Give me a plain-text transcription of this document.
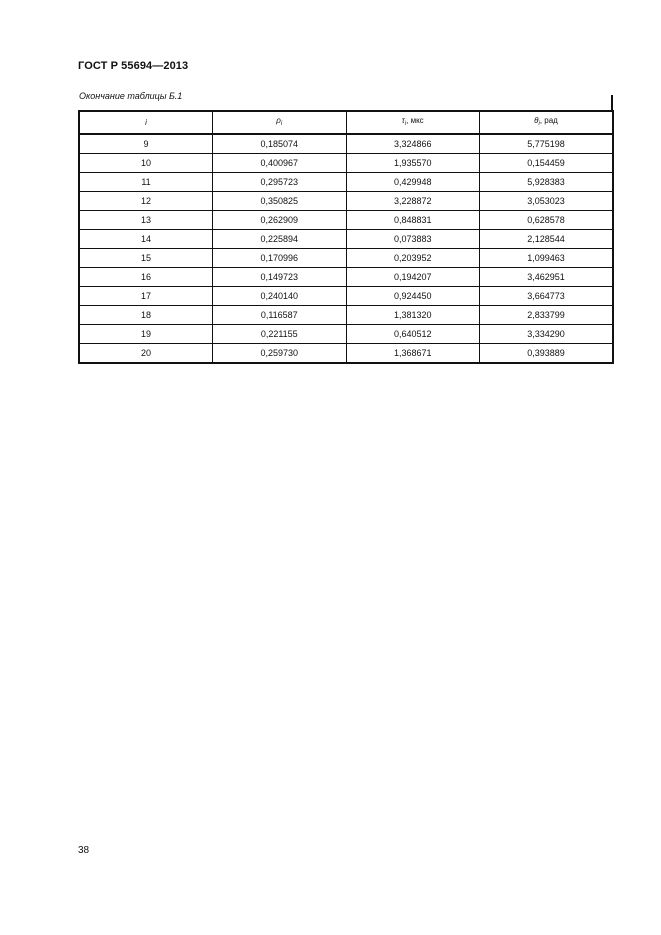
ГОСТ Р 55694—2013
Окончание таблицы Б.1
i	$\rho_i$	$\tau_i$, мкс	$\theta_i$, рад
9	0,185074	3,324866	5,775198
10	0,400967	1,935570	0,154459
11	0,295723	0,429948	5,928383
12	0,350825	3,228872	3,053023
13	0,262909	0,848831	0,628578
14	0,225894	0,073883	2,128544
15	0,170996	0,203952	1,099463
16	0,149723	0,194207	3,462951
17	0,240140	0,924450	3,664773
18	0,116587	1,381320	2,833799
19	0,221155	0,640512	3,334290
20	0,259730	1,368671	0,393889
38
